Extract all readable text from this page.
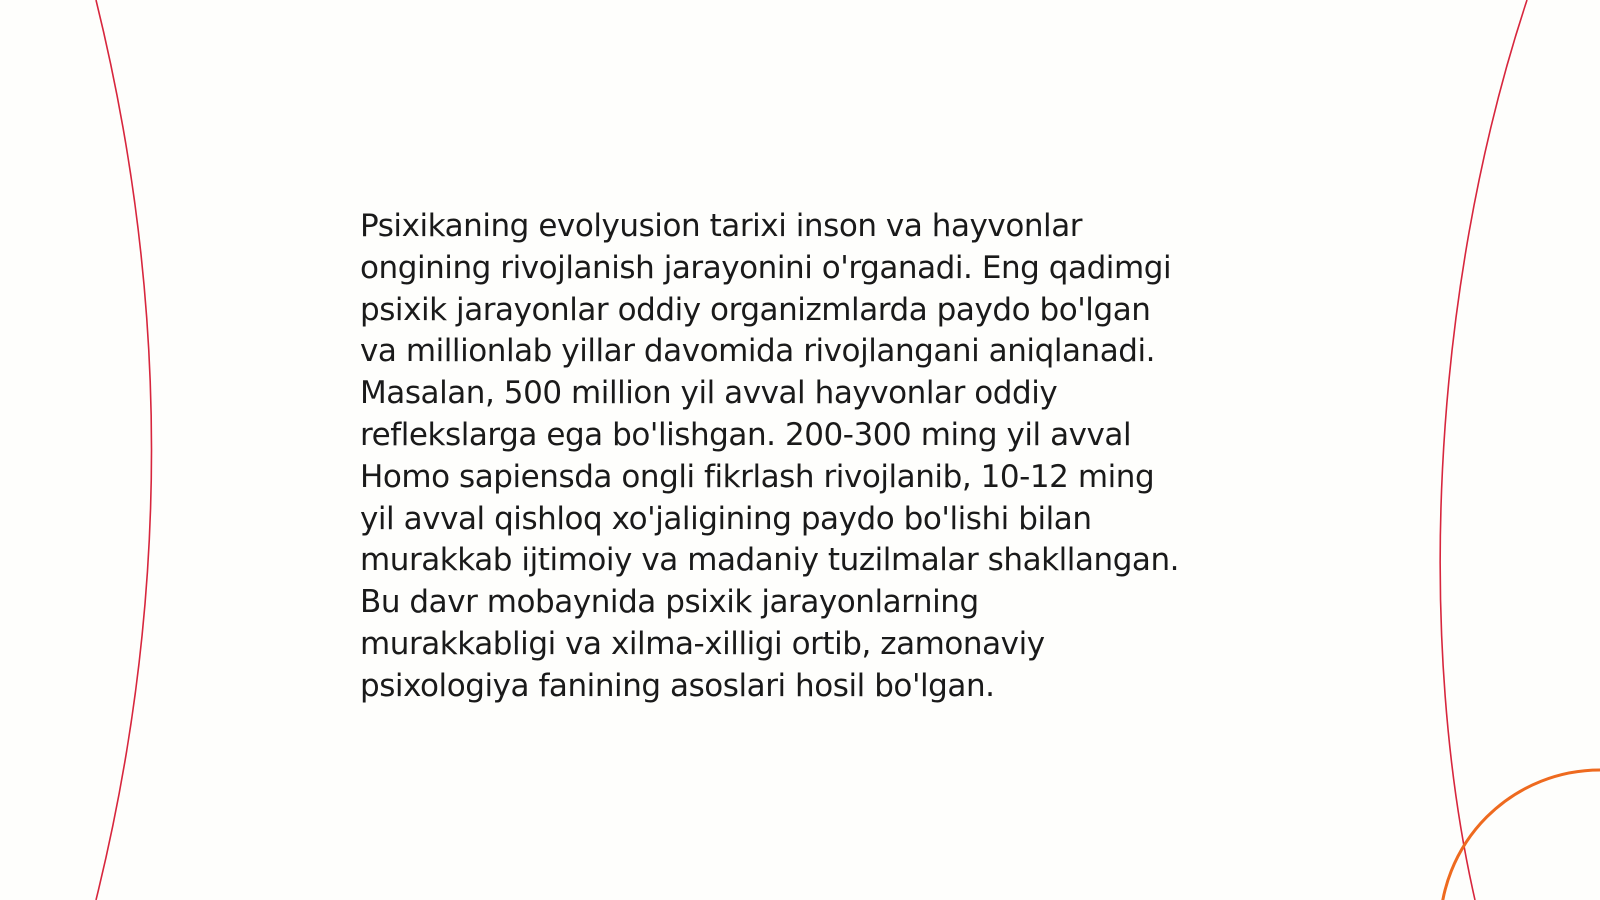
Psixikaning evolyusion tarixi inson va hayvonlar
ongining rivojlanish jarayonini o'rganadi. Eng qadimgi
psixik jarayonlar oddiy organizmlarda paydo bo'lgan
va millionlab yillar davomida rivojlangani aniqlanadi.
Masalan, 500 million yil avval hayvonlar oddiy
reflekslarga ega bo'lishgan. 200-300 ming yil avval
Homo sapiensda ongli fikrlash rivojlanib, 10-12 ming
yil avval qishloq xo'jaligining paydo bo'lishi bilan
murakkab ijtimoiy va madaniy tuzilmalar shakllangan.
Bu davr mobaynida psixik jarayonlarning
murakkabligi va xilma-xilligi ortib, zamonaviy
psixologiya fanining asoslari hosil bo'lgan.
